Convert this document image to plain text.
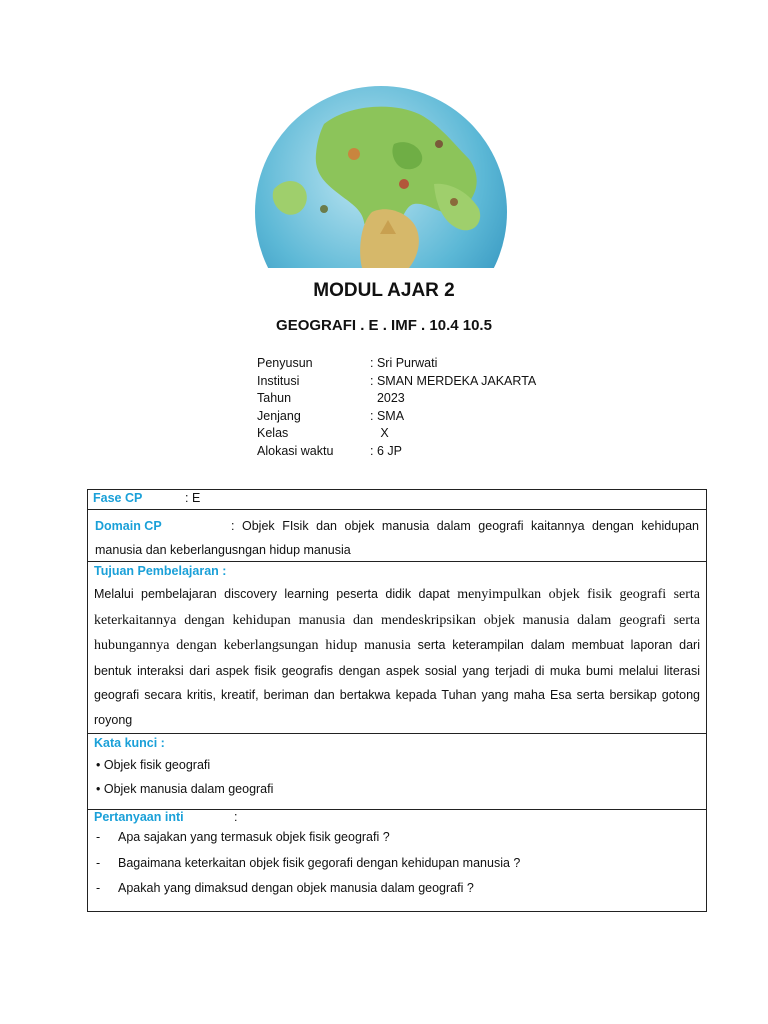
MODUL AJAR 2
GEOGRAFI . E . IMF . 10.4 10.5
Penyusun	: Sri Purwati
Institusi	: SMAN MERDEKA JAKARTA
Tahun	2023
Jenjang	: SMA
Kelas	X
Alokasi waktu	: 6 JP
Fase CP	: E
Domain CP	: Objek FIsik dan objek manusia dalam geografi kaitannya dengan kehidupan manusia dan keberlangusngan hidup manusia
Tujuan Pembelajaran :
Melalui pembelajaran discovery learning peserta didik dapat menyimpulkan objek fisik geografi serta keterkaitannya dengan kehidupan manusia dan mendeskripsikan objek manusia dalam geografi serta hubungannya dengan keberlangsungan hidup manusia serta keterampilan dalam membuat laporan dari bentuk interaksi dari aspek fisik geografis dengan aspek sosial yang terjadi di muka bumi melalui literasi geografi secara kritis, kreatif, beriman dan bertakwa kepada Tuhan yang maha Esa serta bersikap gotong royong
Kata kunci :
• Objek fisik geografi
• Objek manusia dalam geografi
Pertanyaan inti	:
-	Apa sajakan yang termasuk objek fisik geografi ?
-	Bagaimana keterkaitan objek fisik gegorafi dengan kehidupan manusia ?
-	Apakah yang dimaksud dengan objek manusia dalam geografi ?
